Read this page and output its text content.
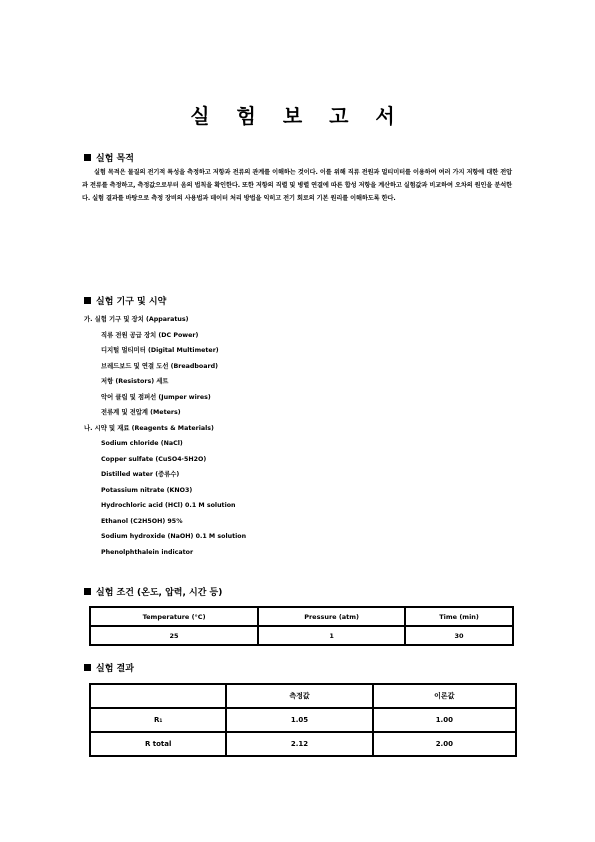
실 험 보 고 서
실험 목적
실험 목적은 물질의 전기적 특성을 측정하고 저항과 전류의 관계를 이해하는 것이다. 이를 위해 직류 전원과 멀티미터를 이용하여 여러 가지 저항에 대한 전압과 전류를 측정하고, 측정값으로부터 옴의 법칙을 확인한다. 또한 저항의 직렬 및 병렬 연결에 따른 합성 저항을 계산하고 실험값과 비교하여 오차의 원인을 분석한다. 실험 결과를 바탕으로 측정 장비의 사용법과 데이터 처리 방법을 익히고 전기 회로의 기본 원리를 이해하도록 한다.
실험 기구 및 시약
가. 실험 기구 및 장치 (Apparatus)
직류 전원 공급 장치 (DC Power)
디지털 멀티미터 (Digital Multimeter)
브레드보드 및 연결 도선 (Breadboard)
저항 (Resistors) 세트
악어 클립 및 점퍼선 (Jumper wires)
전류계 및 전압계 (Meters)
나. 시약 및 재료 (Reagents & Materials)
Sodium chloride (NaCl)
Copper sulfate (CuSO4·5H2O)
Distilled water (증류수)
Potassium nitrate (KNO3)
Hydrochloric acid (HCl) 0.1 M solution
Ethanol (C2H5OH) 95%
Sodium hydroxide (NaOH) 0.1 M solution
Phenolphthalein indicator
실험 조건 (온도, 압력, 시간 등)
Temperature (°C)	Pressure (atm)	Time (min)
25	1	30
실험 결과
	측정값	이론값
R₁	1.05	1.00
R total	2.12	2.00
